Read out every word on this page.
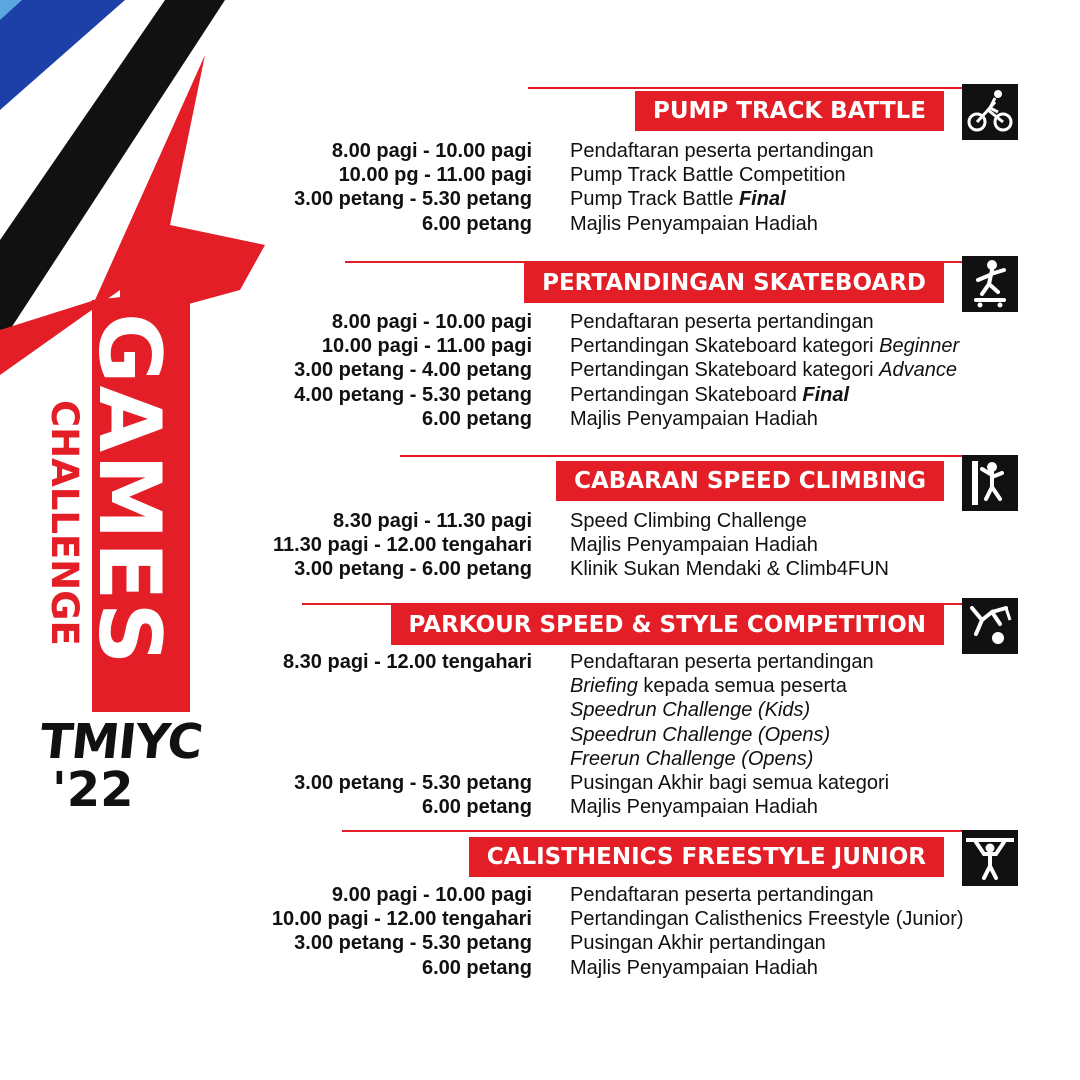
GAMES
CHALLENGE
TMIYC
'22
PUMP TRACK BATTLE
8.00 pagi - 10.00 pagi Pendaftaran peserta pertandingan
10.00 pg - 11.00 pagi Pump Track Battle Competition
3.00 petang - 5.30 petang Pump Track Battle Final
6.00 petang Majlis Penyampaian Hadiah
PERTANDINGAN SKATEBOARD
8.00 pagi - 10.00 pagi Pendaftaran peserta pertandingan
10.00 pagi - 11.00 pagi Pertandingan Skateboard kategori Beginner
3.00 petang - 4.00 petang Pertandingan Skateboard kategori Advance
4.00 petang - 5.30 petang Pertandingan Skateboard Final
6.00 petang Majlis Penyampaian Hadiah
CABARAN SPEED CLIMBING
8.30 pagi - 11.30 pagi Speed Climbing Challenge
11.30 pagi - 12.00 tengahari Majlis Penyampaian Hadiah
3.00 petang - 6.00 petang Klinik Sukan Mendaki & Climb4FUN
PARKOUR SPEED & STYLE COMPETITION
8.30 pagi - 12.00 tengahari Pendaftaran peserta pertandingan
Briefing kepada semua peserta
Speedrun Challenge (Kids)
Speedrun Challenge (Opens)
Freerun Challenge (Opens)
3.00 petang - 5.30 petang Pusingan Akhir bagi semua kategori
6.00 petang Majlis Penyampaian Hadiah
CALISTHENICS FREESTYLE JUNIOR
9.00 pagi - 10.00 pagi Pendaftaran peserta pertandingan
10.00 pagi - 12.00 tengahari Pertandingan Calisthenics Freestyle (Junior)
3.00 petang - 5.30 petang Pusingan Akhir pertandingan
6.00 petang Majlis Penyampaian Hadiah
